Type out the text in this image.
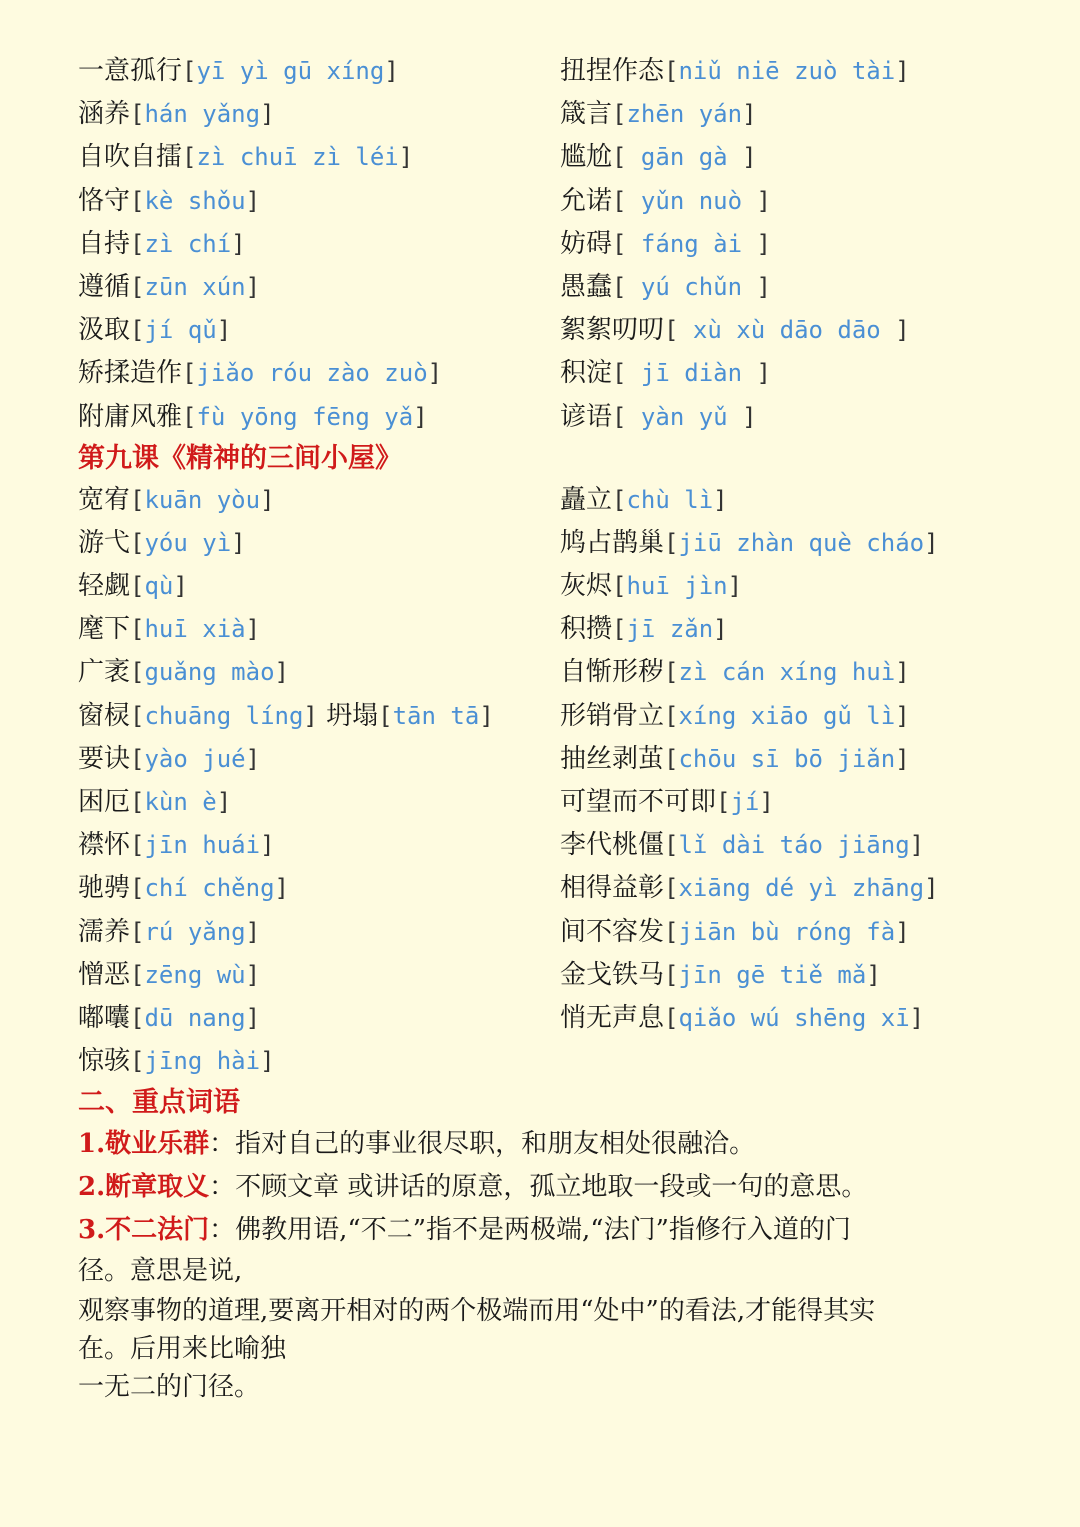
一意孤行[yī yì gū xíng]
涵养[hán yǎng]
自吹自擂[zì chuī zì léi]
恪守[kè shǒu]
自持[zì chí]
遵循[zūn xún]
汲取[jí qǔ]
矫揉造作[jiǎo róu zào zuò]
附庸风雅[fù yōng fēng yǎ]
扭捏作态[niǔ niē zuò tài]
箴言[zhēn yán]
尴尬[ gān gà ]
允诺[ yǔn nuò ]
妨碍[ fáng ài ]
愚蠢[ yú chǔn ]
絮絮叨叨[ xù xù dāo dāo ]
积淀[ jī diàn ]
谚语[ yàn yǔ ]
第九课《精神的三间小屋》
宽宥[kuān yòu]
游弋[yóu yì]
轻觑[qù]
麾下[huī xià]
广袤[guǎng mào]
窗棂[chuāng líng] 坍塌[tān tā]
要诀[yào jué]
困厄[kùn è]
襟怀[jīn huái]
驰骋[chí chěng]
濡养[rú yǎng]
憎恶[zēng wù]
嘟囔[dū nang]
惊骇[jīng hài]
矗立[chù lì]
鸠占鹊巢[jiū zhàn què cháo]
灰烬[huī jìn]
积攒[jī zǎn]
自惭形秽[zì cán xíng huì]
形销骨立[xíng xiāo gǔ lì]
抽丝剥茧[chōu sī bō jiǎn]
可望而不可即[jí]
李代桃僵[lǐ dài táo jiāng]
相得益彰[xiāng dé yì zhāng]
间不容发[jiān bù róng fà]
金戈铁马[jīn gē tiě mǎ]
悄无声息[qiǎo wú shēng xī]
二、重点词语
1.敬业乐群：指对自己的事业很尽职，和朋友相处很融洽。
2.断章取义：不顾文章 或讲话的原意，孤立地取一段或一句的意思。
3.不二法门：佛教用语,“不二”指不是两极端,“法门”指修行入道的门
径。意思是说,
观察事物的道理,要离开相对的两个极端而用“处中”的看法,才能得其实
在。后用来比喻独
一无二的门径。
